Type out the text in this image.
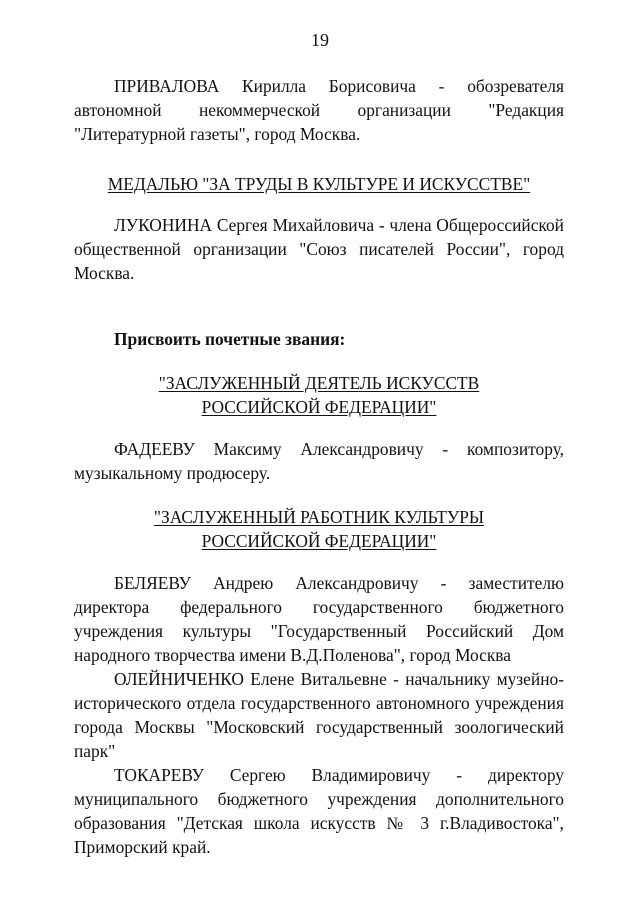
19

ПРИВАЛОВА Кирилла Борисовича - обозревателя автономной некоммерческой организации "Редакция "Литературной газеты", город Москва.

МЕДАЛЬЮ "ЗА ТРУДЫ В КУЛЬТУРЕ И ИСКУССТВЕ"

ЛУКОНИНА Сергея Михайловича - члена Общероссийской общественной организации "Союз писателей России", город Москва.

Присвоить почетные звания:

"ЗАСЛУЖЕННЫЙ ДЕЯТЕЛЬ ИСКУССТВ

РОССИЙСКОЙ ФЕДЕРАЦИИ"

ФАДЕЕВУ Максиму Александровичу - композитору, музыкальному продюсеру.

"ЗАСЛУЖЕННЫЙ РАБОТНИК КУЛЬТУРЫ

РОССИЙСКОЙ ФЕДЕРАЦИИ"

БЕЛЯЕВУ Андрею Александровичу - заместителю директора федерального государственного бюджетного учреждения культуры "Государственный Российский Дом народного творчества имени В.Д.Поленова", город Москва

ОЛЕЙНИЧЕНКО Елене Витальевне - начальнику музейно-исторического отдела государственного автономного учреждения города Москвы "Московский государственный зоологический парк"

ТОКАРЕВУ Сергею Владимировичу - директору муниципального бюджетного учреждения дополнительного образования "Детская школа искусств № 3 г.Владивостока", Приморский край.
